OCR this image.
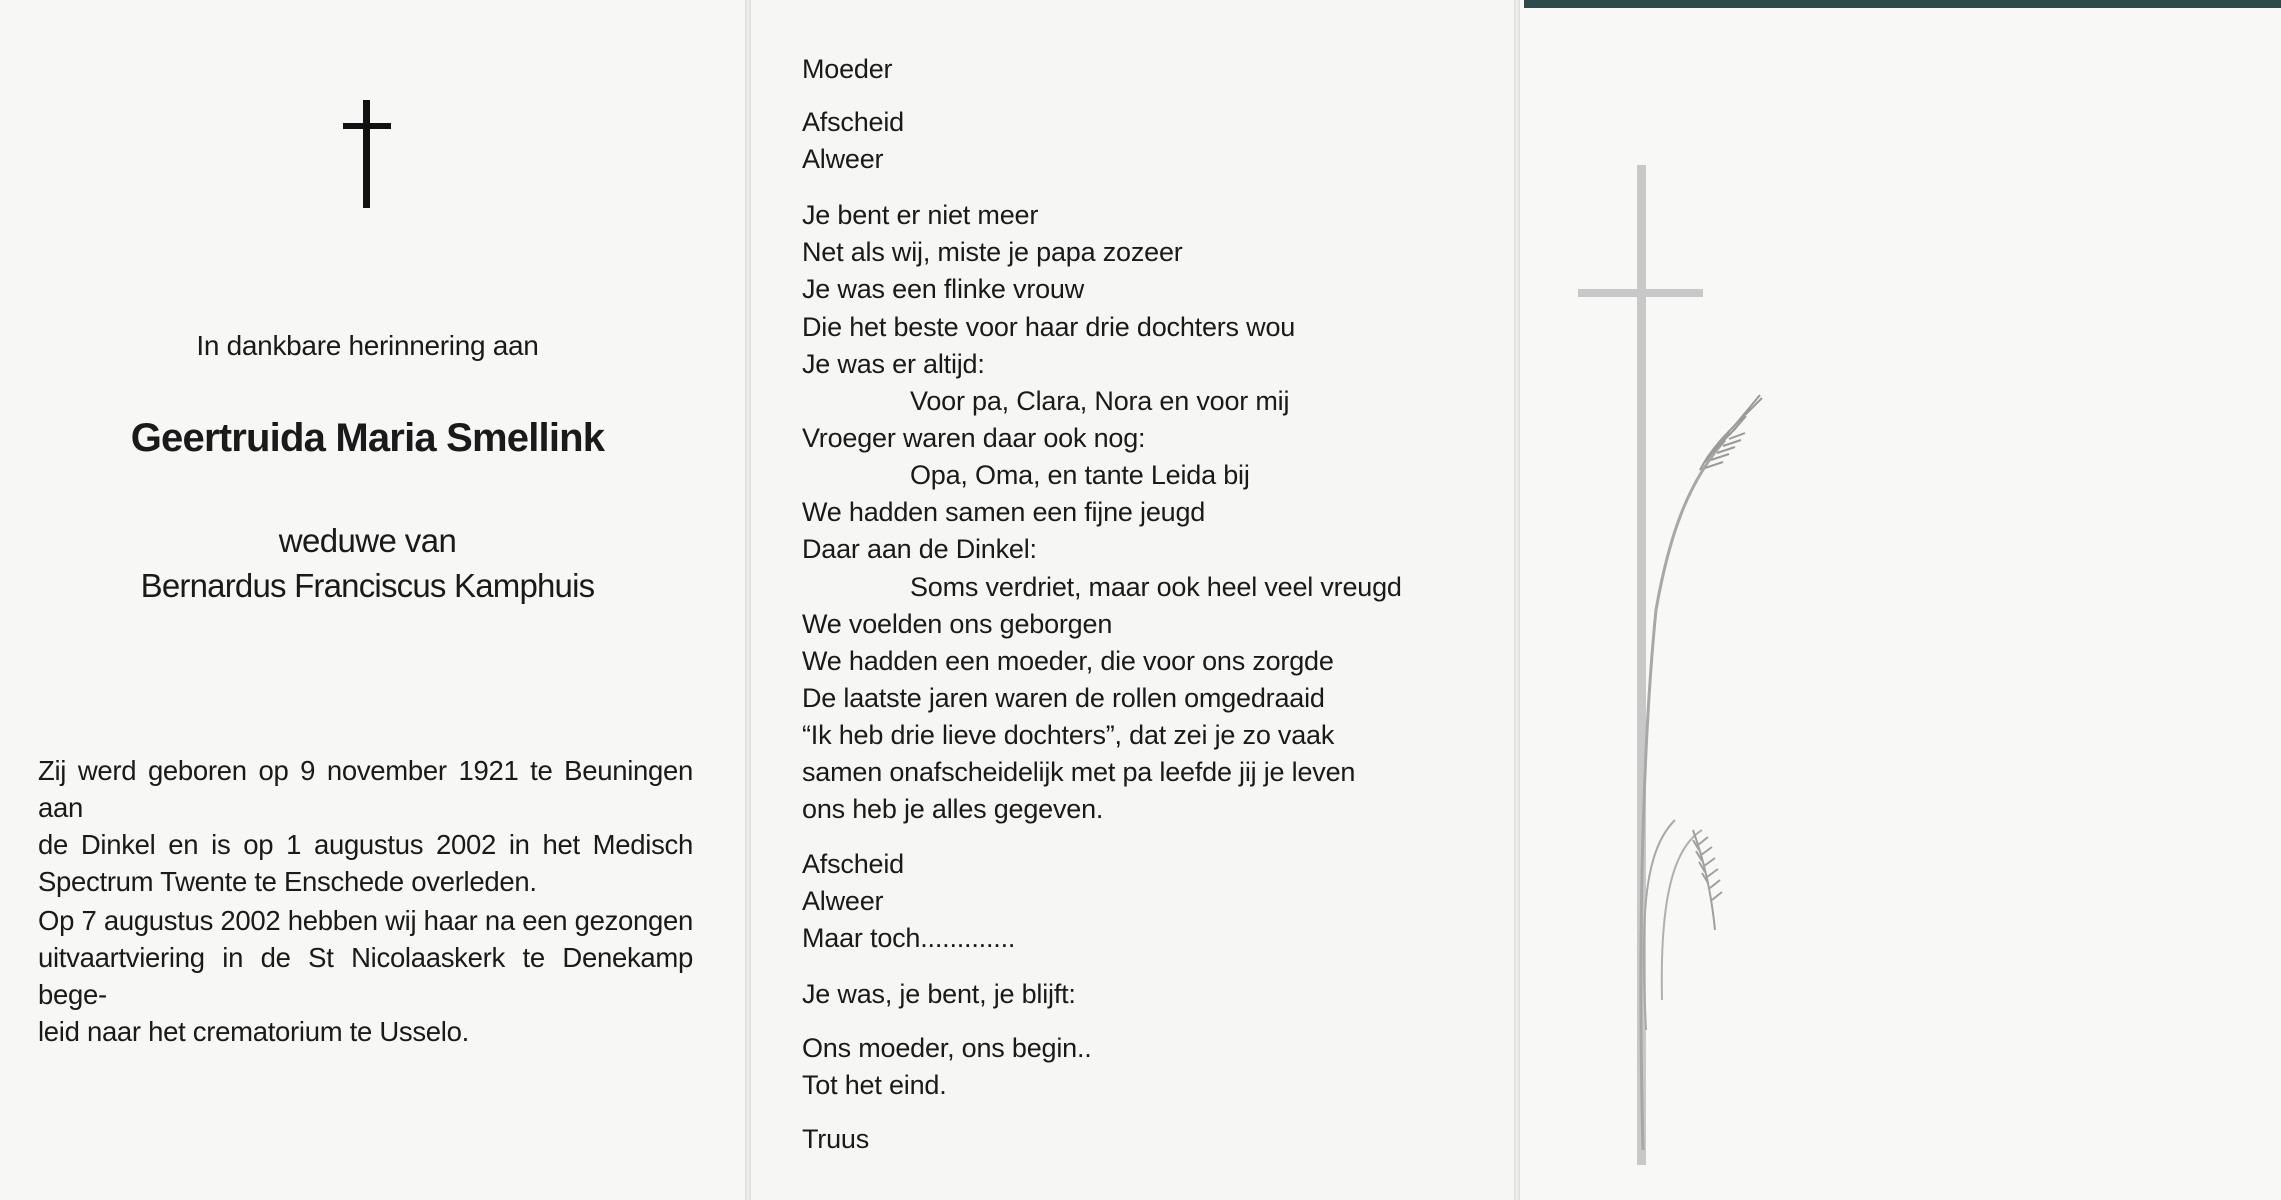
In dankbare herinnering aan
Geertruida Maria Smellink
weduwe van
Bernardus Franciscus Kamphuis
Zij werd geboren op 9 november 1921 te Beuningen aan
de Dinkel en is op 1 augustus 2002 in het Medisch
Spectrum Twente te Enschede overleden.
Op 7 augustus 2002 hebben wij haar na een gezongen
uitvaartviering in de St Nicolaaskerk te Denekamp bege-
leid naar het crematorium te Usselo.
Moeder
Afscheid
Alweer
Je bent er niet meer
Net als wij, miste je papa zozeer
Je was een flinke vrouw
Die het beste voor haar drie dochters wou
Je was er altijd:
Voor pa, Clara, Nora en voor mij
Vroeger waren daar ook nog:
Opa, Oma, en tante Leida bij
We hadden samen een fijne jeugd
Daar aan de Dinkel:
Soms verdriet, maar ook heel veel vreugd
We voelden ons geborgen
We hadden een moeder, die voor ons zorgde
De laatste jaren waren de rollen omgedraaid
“Ik heb drie lieve dochters”, dat zei je zo vaak
samen onafscheidelijk met pa leefde jij je leven
ons heb je alles gegeven.
Afscheid
Alweer
Maar toch.............
Je was, je bent, je blijft:
Ons moeder, ons begin..
Tot het eind.
Truus
